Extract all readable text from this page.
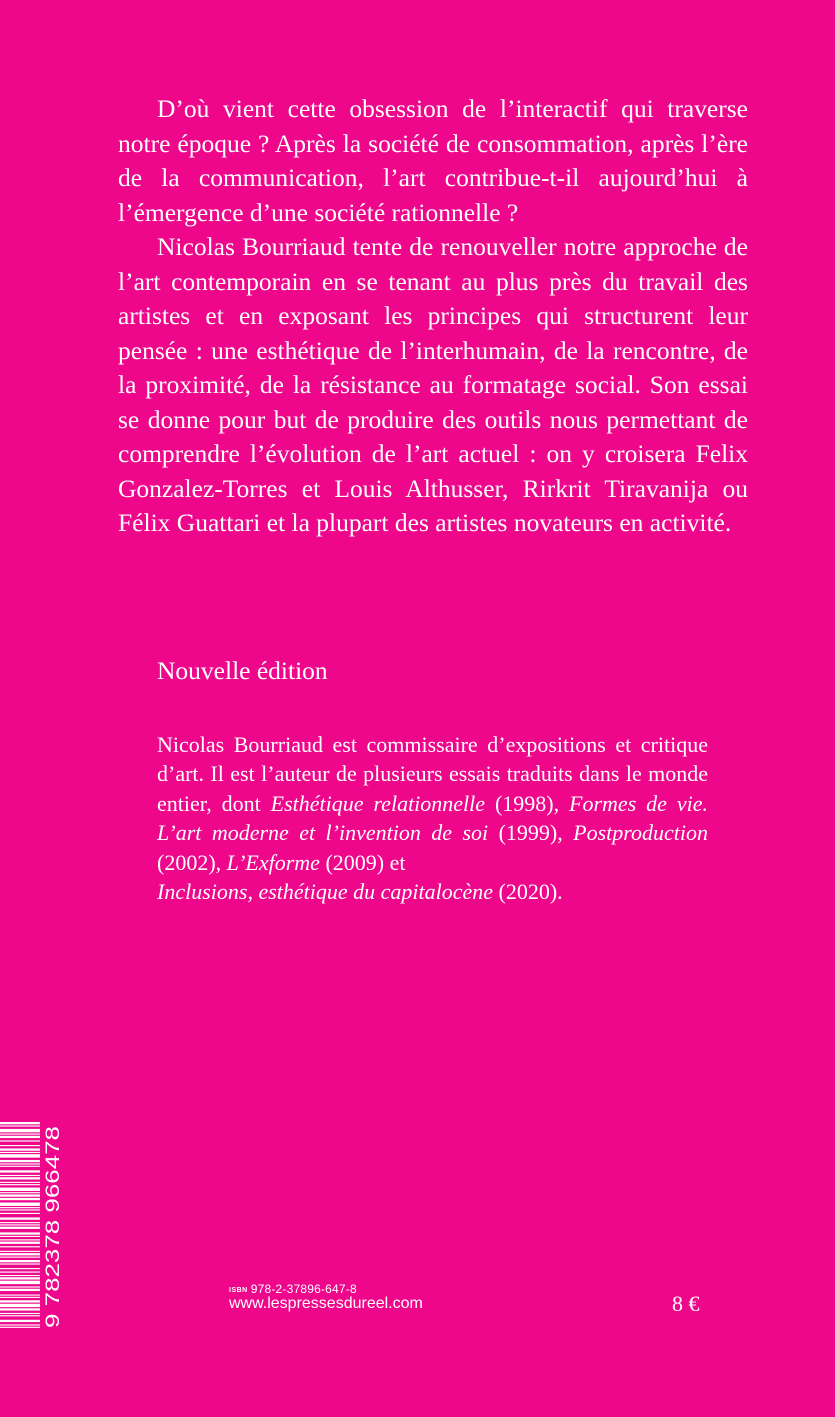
D’où vient cette obsession de l’interactif qui traverse notre époque ? Après la société de consommation, après l’ère de la communication, l’art contribue-t-il aujourd’hui à l’émergence d’une société rationnelle ?

Nicolas Bourriaud tente de renouveller notre approche de l’art contemporain en se tenant au plus près du travail des artistes et en exposant les principes qui structurent leur pensée : une esthétique de l’interhumain, de la rencontre, de la proximité, de la résistance au formatage social. Son essai se donne pour but de produire des outils nous permettant de comprendre l’évolution de l’art actuel : on y croisera Felix Gonzalez-Torres et Louis Althusser, Rirkrit Tiravanija ou Félix Guattari et la plupart des artistes novateurs en activité.

Nouvelle édition

Nicolas Bourriaud est commissaire d’expositions et critique d’art. Il est l’auteur de plusieurs essais traduits dans le monde entier, dont Esthétique relationnelle (1998), Formes de vie. L’art moderne et l’invention de soi (1999), Postproduction (2002), L’Exforme (2009) et
Inclusions, esthétique du capitalocène (2020).

9 782378 966478	ISBN 978-2-37896-647-8

www.lespressesdureel.com	8 €
